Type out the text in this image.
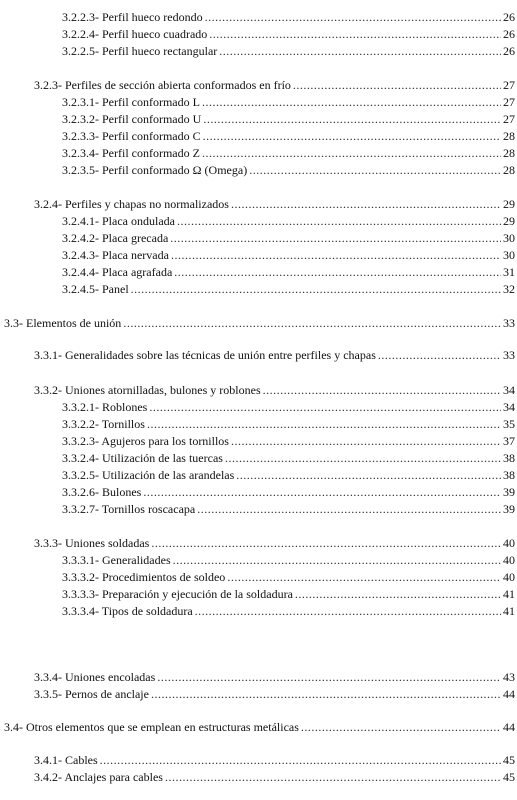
3.2.2.3- Perfil hueco redondo .....	26
3.2.2.4- Perfil hueco cuadrado .....	26
3.2.2.5- Perfil hueco rectangular .....	26
3.2.3- Perfiles de sección abierta conformados en frío .....	27
3.2.3.1- Perfil conformado L .....	27
3.2.3.2- Perfil conformado U .....	27
3.2.3.3- Perfil conformado C .....	28
3.2.3.4- Perfil conformado Z .....	28
3.2.3.5- Perfil conformado Ω (Omega) .....	28
3.2.4- Perfiles y chapas no normalizados .....	29
3.2.4.1- Placa ondulada .....	29
3.2.4.2- Placa grecada .....	30
3.2.4.3- Placa nervada .....	30
3.2.4.4- Placa agrafada .....	31
3.2.4.5- Panel .....	32
3.3- Elementos de unión .....	33
3.3.1- Generalidades sobre las técnicas de unión entre perfiles y chapas .....	33
3.3.2- Uniones atornilladas, bulones y roblones .....	34
3.3.2.1- Roblones .....	34
3.3.2.2- Tornillos .....	35
3.3.2.3- Agujeros para los tornillos .....	37
3.3.2.4- Utilización de las tuercas .....	38
3.3.2.5- Utilización de las arandelas .....	38
3.3.2.6- Bulones .....	39
3.3.2.7- Tornillos roscacapa .....	39
3.3.3- Uniones soldadas .....	40
3.3.3.1- Generalidades .....	40
3.3.3.2- Procedimientos de soldeo .....	40
3.3.3.3- Preparación y ejecución de la soldadura .....	41
3.3.3.4- Tipos de soldadura .....	41
3.3.4- Uniones encoladas .....	43
3.3.5- Pernos de anclaje .....	44
3.4- Otros elementos que se emplean en estructuras metálicas .....	44
3.4.1- Cables .....	45
3.4.2- Anclajes para cables .....	45
